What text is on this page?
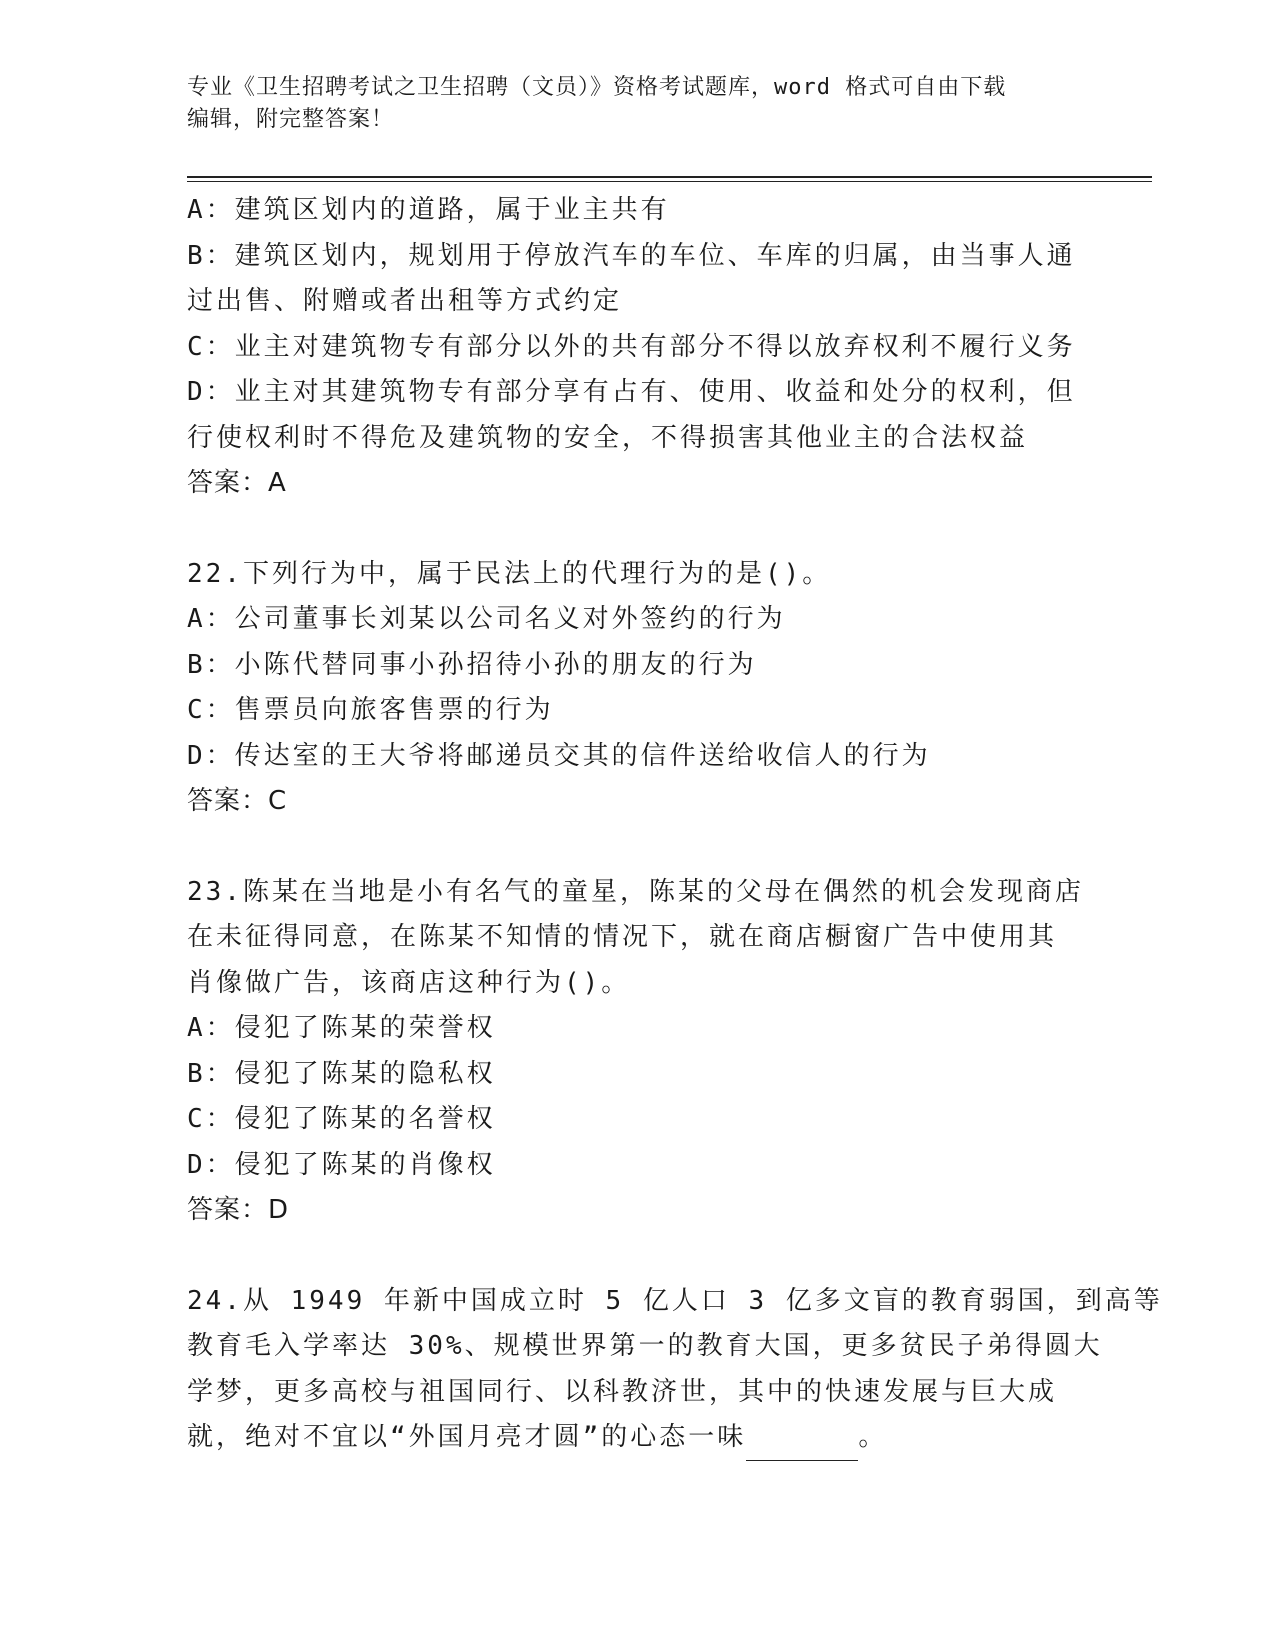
专业《卫生招聘考试之卫生招聘（文员）》资格考试题库，word 格式可自由下载
编辑，附完整答案！
A：建筑区划内的道路，属于业主共有
B：建筑区划内，规划用于停放汽车的车位、车库的归属，由当事人通
过出售、附赠或者出租等方式约定
C：业主对建筑物专有部分以外的共有部分不得以放弃权利不履行义务
D：业主对其建筑物专有部分享有占有、使用、收益和处分的权利，但
行使权利时不得危及建筑物的安全，不得损害其他业主的合法权益
答案：A
22.下列行为中，属于民法上的代理行为的是()。
A：公司董事长刘某以公司名义对外签约的行为
B：小陈代替同事小孙招待小孙的朋友的行为
C：售票员向旅客售票的行为
D：传达室的王大爷将邮递员交其的信件送给收信人的行为
答案：C
23.陈某在当地是小有名气的童星，陈某的父母在偶然的机会发现商店
在未征得同意，在陈某不知情的情况下，就在商店橱窗广告中使用其
肖像做广告，该商店这种行为()。
A：侵犯了陈某的荣誉权
B：侵犯了陈某的隐私权
C：侵犯了陈某的名誉权
D：侵犯了陈某的肖像权
答案：D
24.从 1949 年新中国成立时 5 亿人口 3 亿多文盲的教育弱国，到高等
教育毛入学率达 30%、规模世界第一的教育大国，更多贫民子弟得圆大
学梦，更多高校与祖国同行、以科教济世，其中的快速发展与巨大成
就，绝对不宜以“外国月亮才圆”的心态一味	。
